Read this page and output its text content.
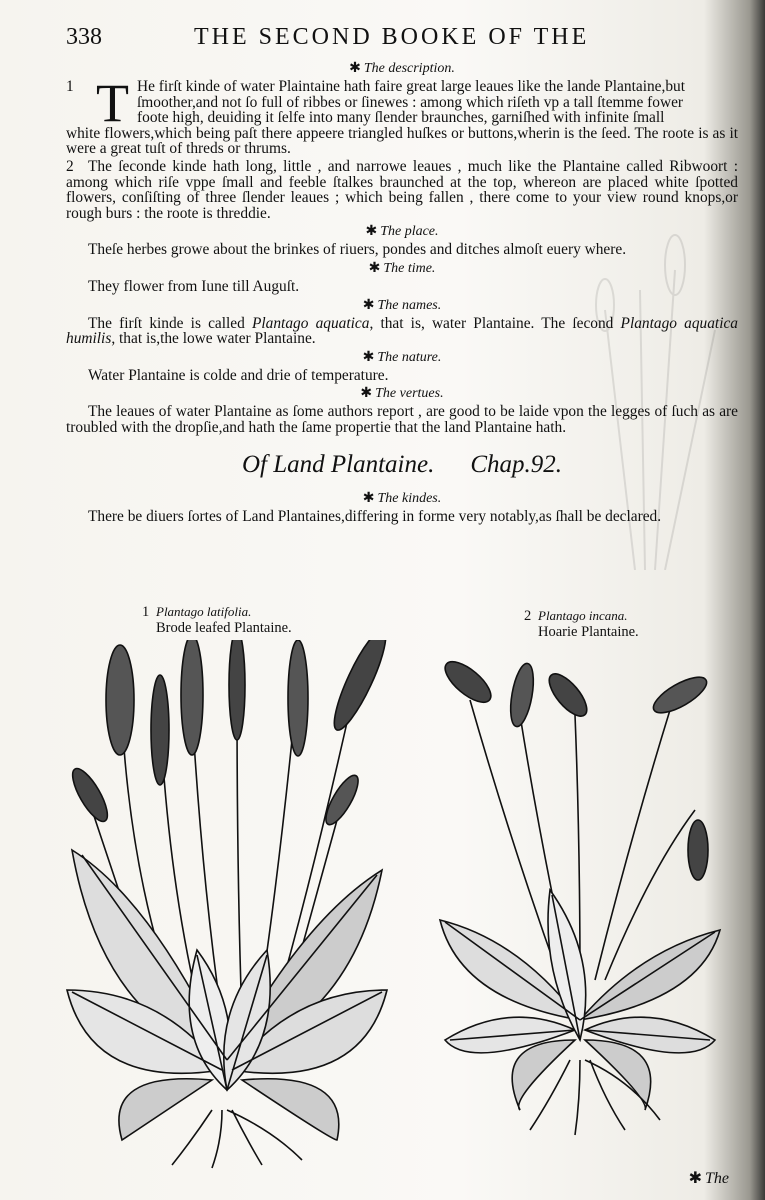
338	THE SECOND BOOKE OF THE
✱ The description.
1 T He firſt kinde of water Plaintaine hath faire great large leaues like the lande Plantaine,but
ſmoother,and not ſo full of ribbes or ſinewes : among which riſeth vp a tall ſtemme fower
foote high, deuiding it ſelfe into many ſlender braunches, garniſhed with infinite ſmall
white flowers,which being paſt there appeere triangled huſkes or buttons,wherin is the ſeed. The roote is as it were a great tuſt of threds or thrums.
2 The ſeconde kinde hath long, little , and narrowe leaues , much like the Plantaine called Ribwoort : among which riſe vppe ſmall and feeble ſtalkes braunched at the top, whereon are placed white ſpotted flowers, conſiſting of three ſlender leaues ; which being fallen , there come to your view round knops,or rough burs : the roote is threddie.
✱ The place.
Theſe herbes growe about the brinkes of riuers, pondes and ditches almoſt euery where.
✱ The time.
They flower from Iune till Auguſt.
✱ The names.
The firſt kinde is called Plantago aquatica, that is, water Plantaine. The ſecond Plantago aquatica humilis, that is,the lowe water Plantaine.
✱ The nature.
Water Plantaine is colde and drie of temperature.
✱ The vertues.
The leaues of water Plantaine as ſome authors report , are good to be laide vpon the legges of ſuch as are troubled with the dropſie,and hath the ſame propertie that the land Plantaine hath.
Of Land Plantaine. Chap.92.
✱ The kindes.
There be diuers ſortes of Land Plantaines,differing in forme very notably,as ſhall be declared.
1 Plantago latifolia.
Brode leafed Plantaine.
2 Plantago incana.
Hoarie Plantaine.
✱ The
